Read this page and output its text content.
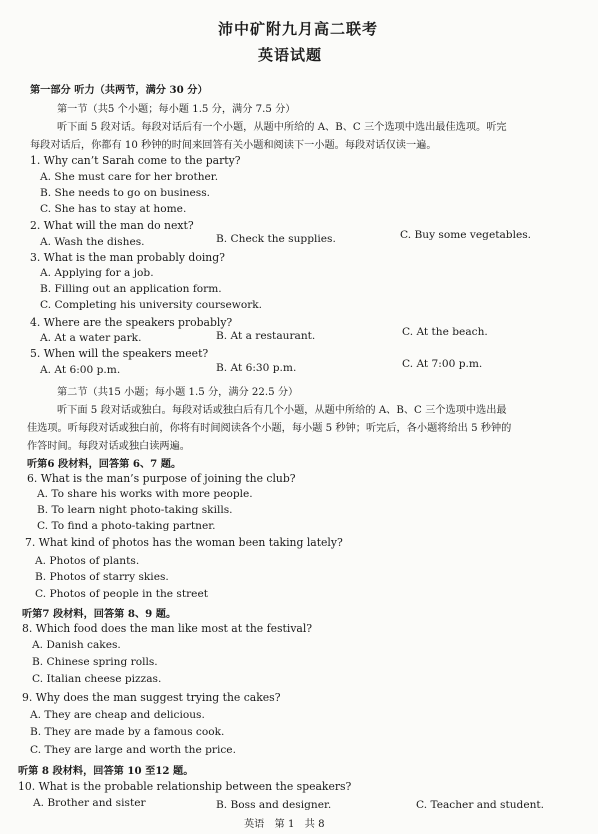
沛中矿附九月高二联考
英语试题
第一部分 听力（共两节，满分 30 分）
第一节（共5 个小题；每小题 1.5 分，满分 7.5 分）
听下面 5 段对话。每段对话后有一个小题，从题中所给的 A、B、C 三个选项中选出最佳选项。听完
每段对话后，你都有 10 秒钟的时间来回答有关小题和阅读下一小题。每段对话仅读一遍。
1. Why can’t Sarah come to the party?
A. She must care for her brother.
B. She needs to go on business.
C. She has to stay at home.
2. What will the man do next?
A. Wash the dishes.	B. Check the supplies.	C. Buy some vegetables.
3. What is the man probably doing?
A. Applying for a job.
B. Filling out an application form.
C. Completing his university coursework.
4. Where are the speakers probably?
A. At a water park.	B. At a restaurant.	C. At the beach.
5. When will the speakers meet?
A. At 6:00 p.m.	B. At 6:30 p.m.	C. At 7:00 p.m.
第二节（共15 小题；每小题 1.5 分，满分 22.5 分）
听下面 5 段对话或独白。每段对话或独白后有几个小题，从题中所给的 A、B、C 三个选项中选出最
佳选项。听每段对话或独白前，你将有时间阅读各个小题，每小题 5 秒钟；听完后，各小题将给出 5 秒钟的
作答时间。每段对话或独白读两遍。
听第6 段材料，回答第 6、7 题。
6. What is the man’s purpose of joining the club?
A. To share his works with more people.
B. To learn night photo-taking skills.
C. To find a photo-taking partner.
7. What kind of photos has the woman been taking lately?
A. Photos of plants.
B. Photos of starry skies.
C. Photos of people in the street
听第7 段材料，回答第 8、9 题。
8. Which food does the man like most at the festival?
A. Danish cakes.
B. Chinese spring rolls.
C. Italian cheese pizzas.
9. Why does the man suggest trying the cakes?
A. They are cheap and delicious.
B. They are made by a famous cook.
C. They are large and worth the price.
听第 8 段材料，回答第 10 至12 题。
10. What is the probable relationship between the speakers?
A. Brother and sister	B. Boss and designer.	C. Teacher and student.
英语　第 1　共 8
